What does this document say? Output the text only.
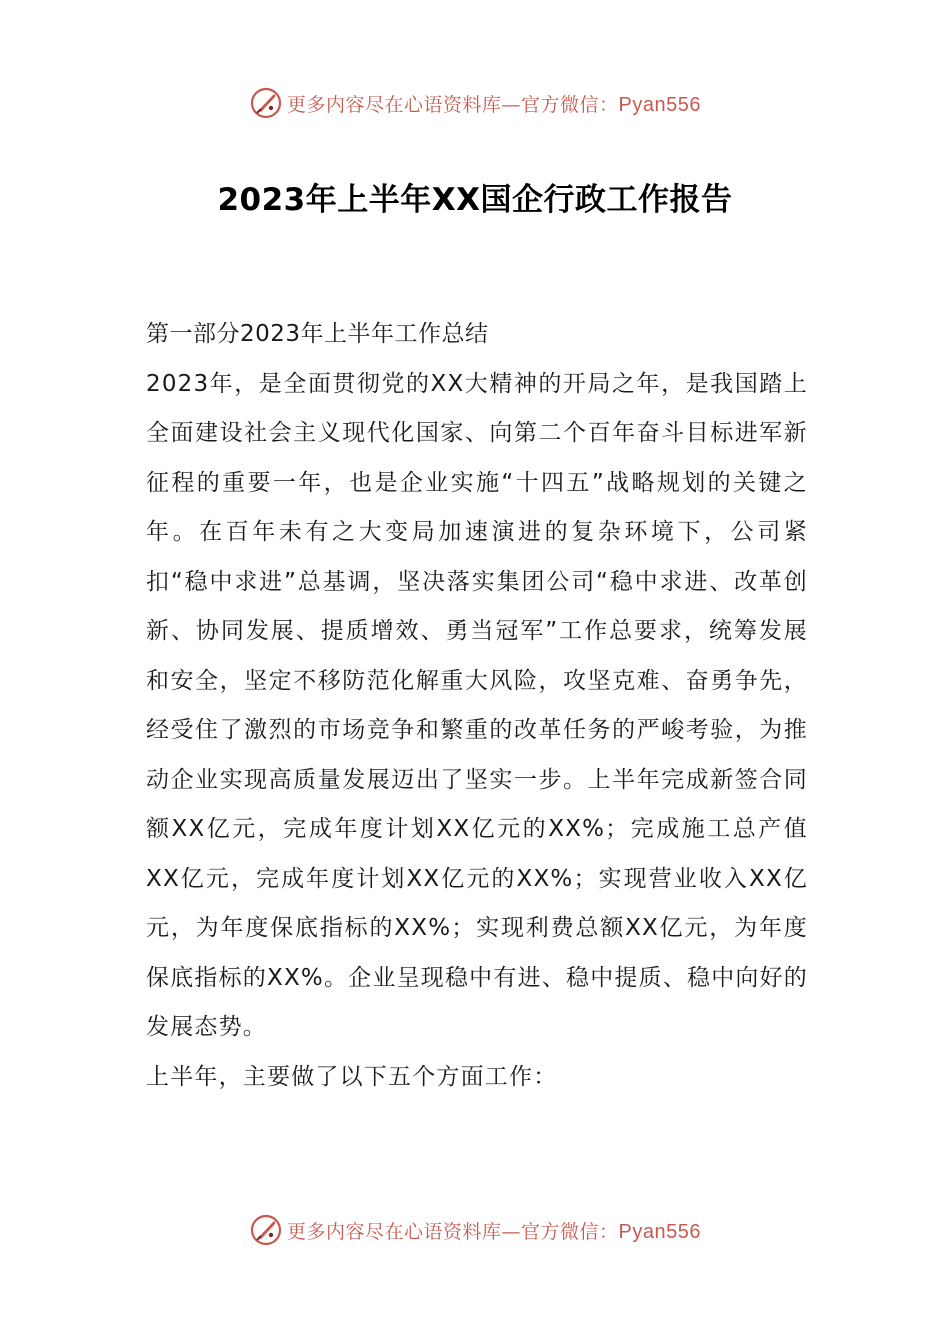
更多内容尽在心语资料库—官方微信：Pyan556
2023年上半年XX国企行政工作报告

第一部分2023年上半年工作总结

2023年，是全面贯彻党的XX大精神的开局之年，是我国踏上全面建设社会主义现代化国家、向第二个百年奋斗目标进军新征程的重要一年，也是企业实施“十四五”战略规划的关键之年。在百年未有之大变局加速演进的复杂环境下，公司紧扣“稳中求进”总基调，坚决落实集团公司“稳中求进、改革创新、协同发展、提质增效、勇当冠军”工作总要求，统筹发展和安全，坚定不移防范化解重大风险，攻坚克难、奋勇争先，经受住了激烈的市场竞争和繁重的改革任务的严峻考验，为推动企业实现高质量发展迈出了坚实一步。上半年完成新签合同额XX亿元，完成年度计划XX亿元的XX%；完成施工总产值XX亿元，完成年度计划XX亿元的XX%；实现营业收入XX亿元，为年度保底指标的XX%；实现利费总额XX亿元，为年度保底指标的XX%。企业呈现稳中有进、稳中提质、稳中向好的发展态势。

上半年，主要做了以下五个方面工作：

更多内容尽在心语资料库—官方微信：Pyan556
